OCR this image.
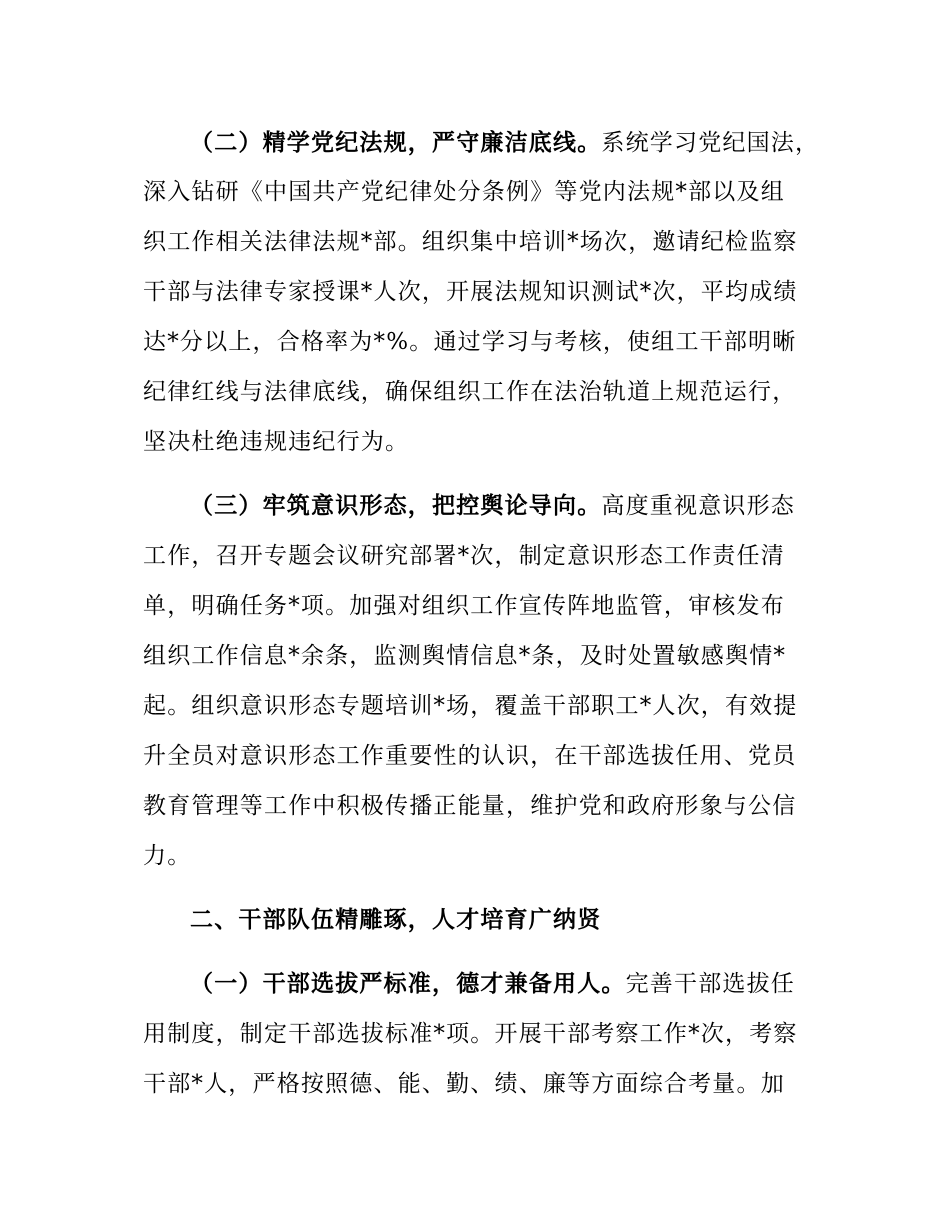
（二）精学党纪法规，严守廉洁底线。系统学习党纪国法，
深入钻研《中国共产党纪律处分条例》等党内法规*部以及组
织工作相关法律法规*部。组织集中培训*场次，邀请纪检监察
干部与法律专家授课*人次，开展法规知识测试*次，平均成绩
达*分以上，合格率为*%。通过学习与考核，使组工干部明晰
纪律红线与法律底线，确保组织工作在法治轨道上规范运行，
坚决杜绝违规违纪行为。
（三）牢筑意识形态，把控舆论导向。高度重视意识形态
工作，召开专题会议研究部署*次，制定意识形态工作责任清
单，明确任务*项。加强对组织工作宣传阵地监管，审核发布
组织工作信息*余条，监测舆情信息*条，及时处置敏感舆情*
起。组织意识形态专题培训*场，覆盖干部职工*人次，有效提
升全员对意识形态工作重要性的认识，在干部选拔任用、党员
教育管理等工作中积极传播正能量，维护党和政府形象与公信
力。
二、干部队伍精雕琢，人才培育广纳贤
（一）干部选拔严标准，德才兼备用人。完善干部选拔任
用制度，制定干部选拔标准*项。开展干部考察工作*次，考察
干部*人，严格按照德、能、勤、绩、廉等方面综合考量。加
